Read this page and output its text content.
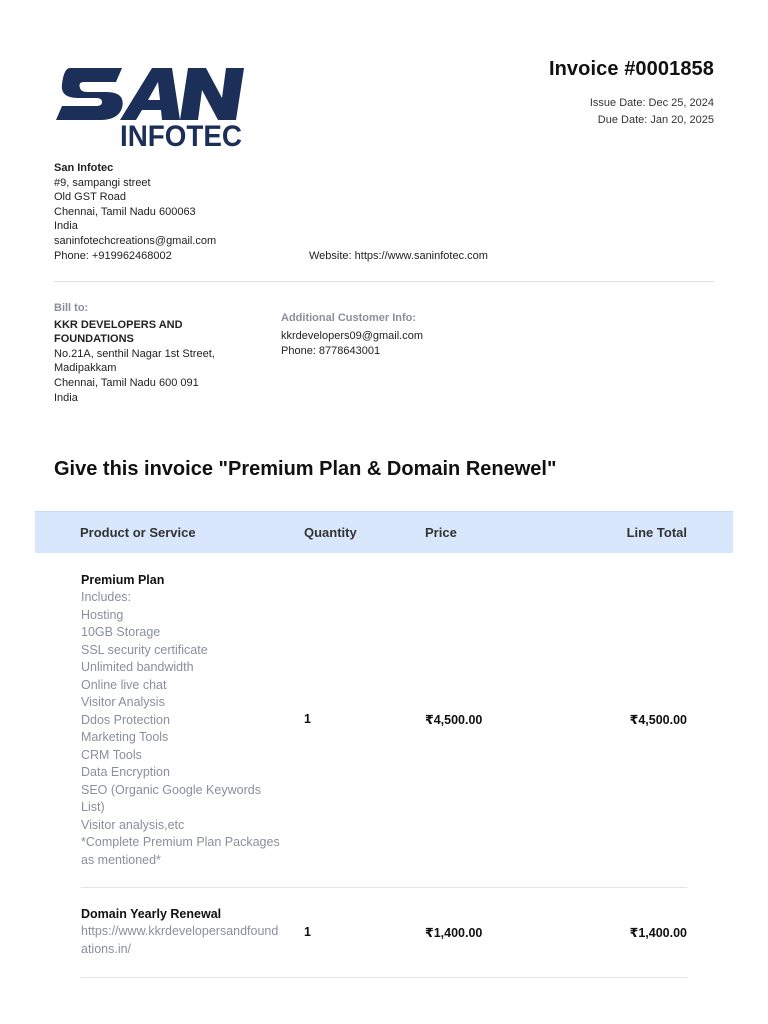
INFOTEC
Invoice #0001858
Issue Date: Dec 25, 2024
Due Date: Jan 20, 2025
San Infotec
#9, sampangi street
Old GST Road
Chennai, Tamil Nadu 600063
India
saninfotechcreations@gmail.com
Phone: +919962468002	Website: https://www.saninfotec.com
Bill to:
KKR DEVELOPERS AND FOUNDATIONS
No.21A, senthil Nagar 1st Street,
Madipakkam
Chennai, Tamil Nadu 600 091
India
Additional Customer Info:
kkrdevelopers09@gmail.com
Phone: 8778643001
Give this invoice "Premium Plan & Domain Renewel"
Product or Service	Quantity	Price	Line Total
Premium Plan
Includes:
Hosting
10GB Storage
SSL security certificate
Unlimited bandwidth
Online live chat
Visitor Analysis
Ddos Protection
Marketing Tools
CRM Tools
Data Encryption
SEO (Organic Google Keywords List)
Visitor analysis,etc
*Complete Premium Plan Packages as mentioned*
1	₹4,500.00	₹4,500.00
Domain Yearly Renewal
https://www.kkrdevelopersandfoundations.in/
1	₹1,400.00	₹1,400.00
